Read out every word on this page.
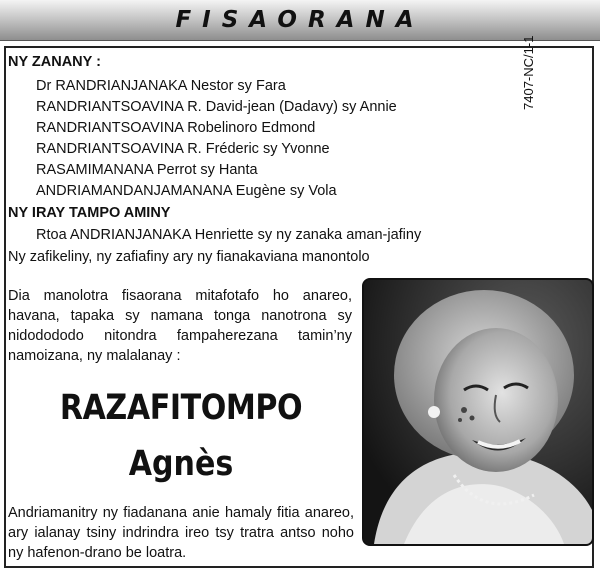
FISAORANA
NY ZANANY :
Dr RANDRIANJANAKA Nestor sy Fara
RANDRIANTSOAVINA R. David-jean (Dadavy) sy Annie
RANDRIANTSOAVINA Robelinoro Edmond
RANDRIANTSOAVINA R. Fréderic sy Yvonne
RASAMIMANANA Perrot sy Hanta
ANDRIAMANDANJAMANANA Eugène sy Vola
NY IRAY TAMPO AMINY
Rtoa ANDRIANJANAKA Henriette sy ny zanaka aman-jafiny
Ny zafikeliny, ny zafiafiny ary ny fianakaviana manontolo
7407-NC/1-1
Dia manolotra fisaorana mitafotafo ho anareo, havana, tapaka sy namana tonga nanotrona sy nidodododo nitondra fampaherezana tamin’ny namoizana, ny malalanay :
RAZAFITOMPO
Agnès
Andriamanitry ny fiadanana anie hamaly fitia anareo, ary ialanay tsiny indrindra ireo tsy tratra antso noho ny hafenon-drano be loatra.
